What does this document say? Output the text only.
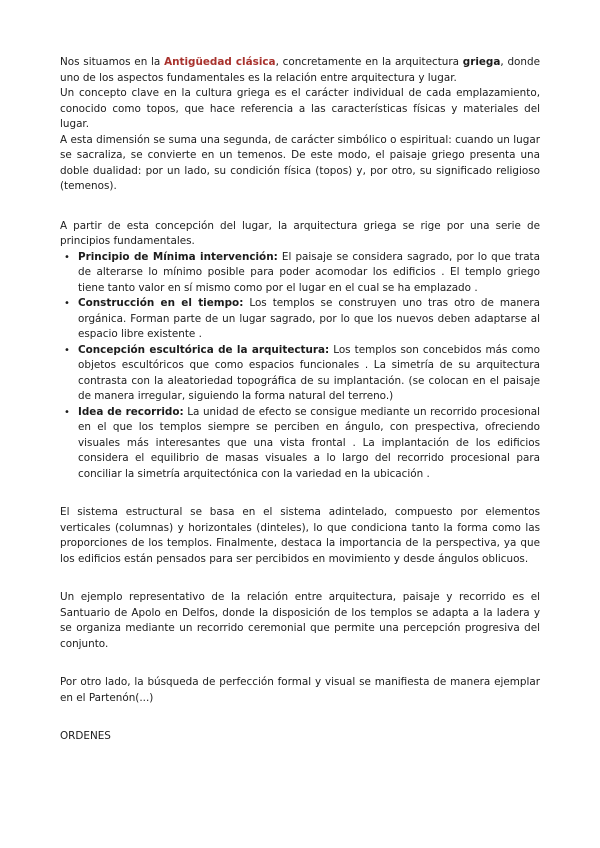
Nos situamos en la Antigüedad clásica, concretamente en la arquitectura griega, donde uno de los aspectos fundamentales es la relación entre arquitectura y lugar.

Un concepto clave en la cultura griega es el carácter individual de cada emplazamiento, conocido como topos, que hace referencia a las características físicas y materiales del lugar.

A esta dimensión se suma una segunda, de carácter simbólico o espiritual: cuando un lugar se sacraliza, se convierte en un temenos. De este modo, el paisaje griego presenta una doble dualidad: por un lado, su condición física (topos) y, por otro, su significado religioso (temenos).

A partir de esta concepción del lugar, la arquitectura griega se rige por una serie de principios fundamentales.

• Principio de Mínima intervención: El paisaje se considera sagrado, por lo que trata de alterarse lo mínimo posible para poder acomodar los edificios . El templo griego tiene tanto valor en sí mismo como por el lugar en el cual se ha emplazado .
• Construcción en el tiempo: Los templos se construyen uno tras otro de manera orgánica. Forman parte de un lugar sagrado, por lo que los nuevos deben adaptarse al espacio libre existente .
• Concepción escultórica de la arquitectura: Los templos son concebidos más como objetos escultóricos que como espacios funcionales . La simetría de su arquitectura contrasta con la aleatoriedad topográfica de su implantación. (se colocan en el paisaje de manera irregular, siguiendo la forma natural del terreno.)
• Idea de recorrido: La unidad de efecto se consigue mediante un recorrido procesional en el que los templos siempre se perciben en ángulo, con prespectiva, ofreciendo visuales más interesantes que una vista frontal . La implantación de los edificios considera el equilibrio de masas visuales a lo largo del recorrido procesional para conciliar la simetría arquitectónica con la variedad en la ubicación .

El sistema estructural se basa en el sistema adintelado, compuesto por elementos verticales (columnas) y horizontales (dinteles), lo que condiciona tanto la forma como las proporciones de los templos. Finalmente, destaca la importancia de la perspectiva, ya que los edificios están pensados para ser percibidos en movimiento y desde ángulos oblicuos.

Un ejemplo representativo de la relación entre arquitectura, paisaje y recorrido es el Santuario de Apolo en Delfos, donde la disposición de los templos se adapta a la ladera y se organiza mediante un recorrido ceremonial que permite una percepción progresiva del conjunto.

Por otro lado, la búsqueda de perfección formal y visual se manifiesta de manera ejemplar en el Partenón(...)

ORDENES
